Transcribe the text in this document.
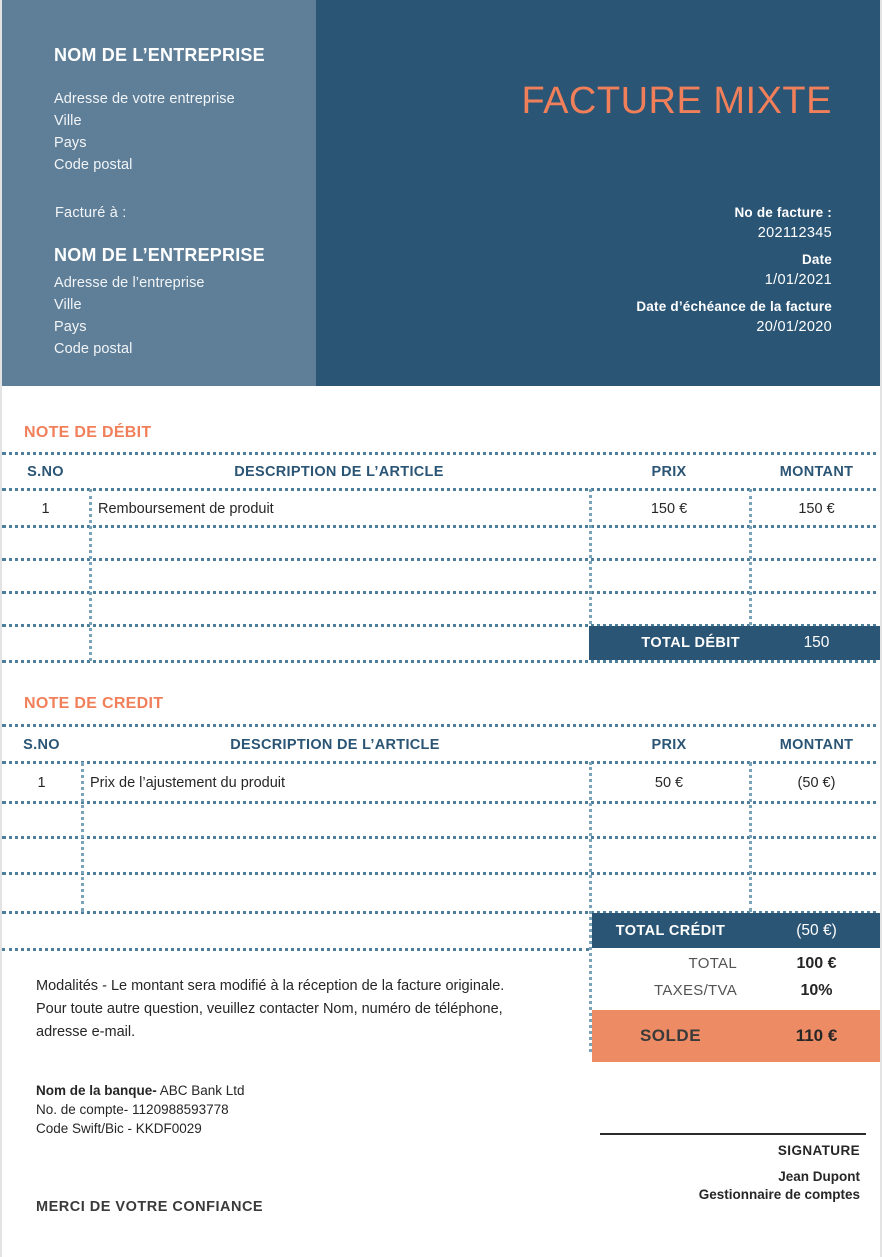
NOM DE L’ENTREPRISE
Adresse de votre entreprise
Ville
Pays
Code postal
Facturé à :
NOM DE L’ENTREPRISE
Adresse de l’entreprise
Ville
Pays
Code postal
FACTURE MIXTE
No de facture :
202112345
Date
1/01/2021
Date d’échéance de la facture
20/01/2020
NOTE DE DÉBIT
S.NO	DESCRIPTION DE L’ARTICLE	PRIX	MONTANT
1	Remboursement de produit	150 €	150 €
TOTAL DÉBIT	150
NOTE DE CREDIT
S.NO	DESCRIPTION DE L’ARTICLE	PRIX	MONTANT
1	Prix de l’ajustement du produit	50 €	(50 €)
TOTAL CRÉDIT	(50 €)
TOTAL	100 €
TAXES/TVA	10%
SOLDE	110 €
Modalités - Le montant sera modifié à la réception de la facture originale.
Pour toute autre question, veuillez contacter Nom, numéro de téléphone, adresse e-mail.
Nom de la banque- ABC Bank Ltd
No. de compte- 1120988593778
Code Swift/Bic - KKDF0029
SIGNATURE
Jean Dupont
Gestionnaire de comptes
MERCI DE VOTRE CONFIANCE
